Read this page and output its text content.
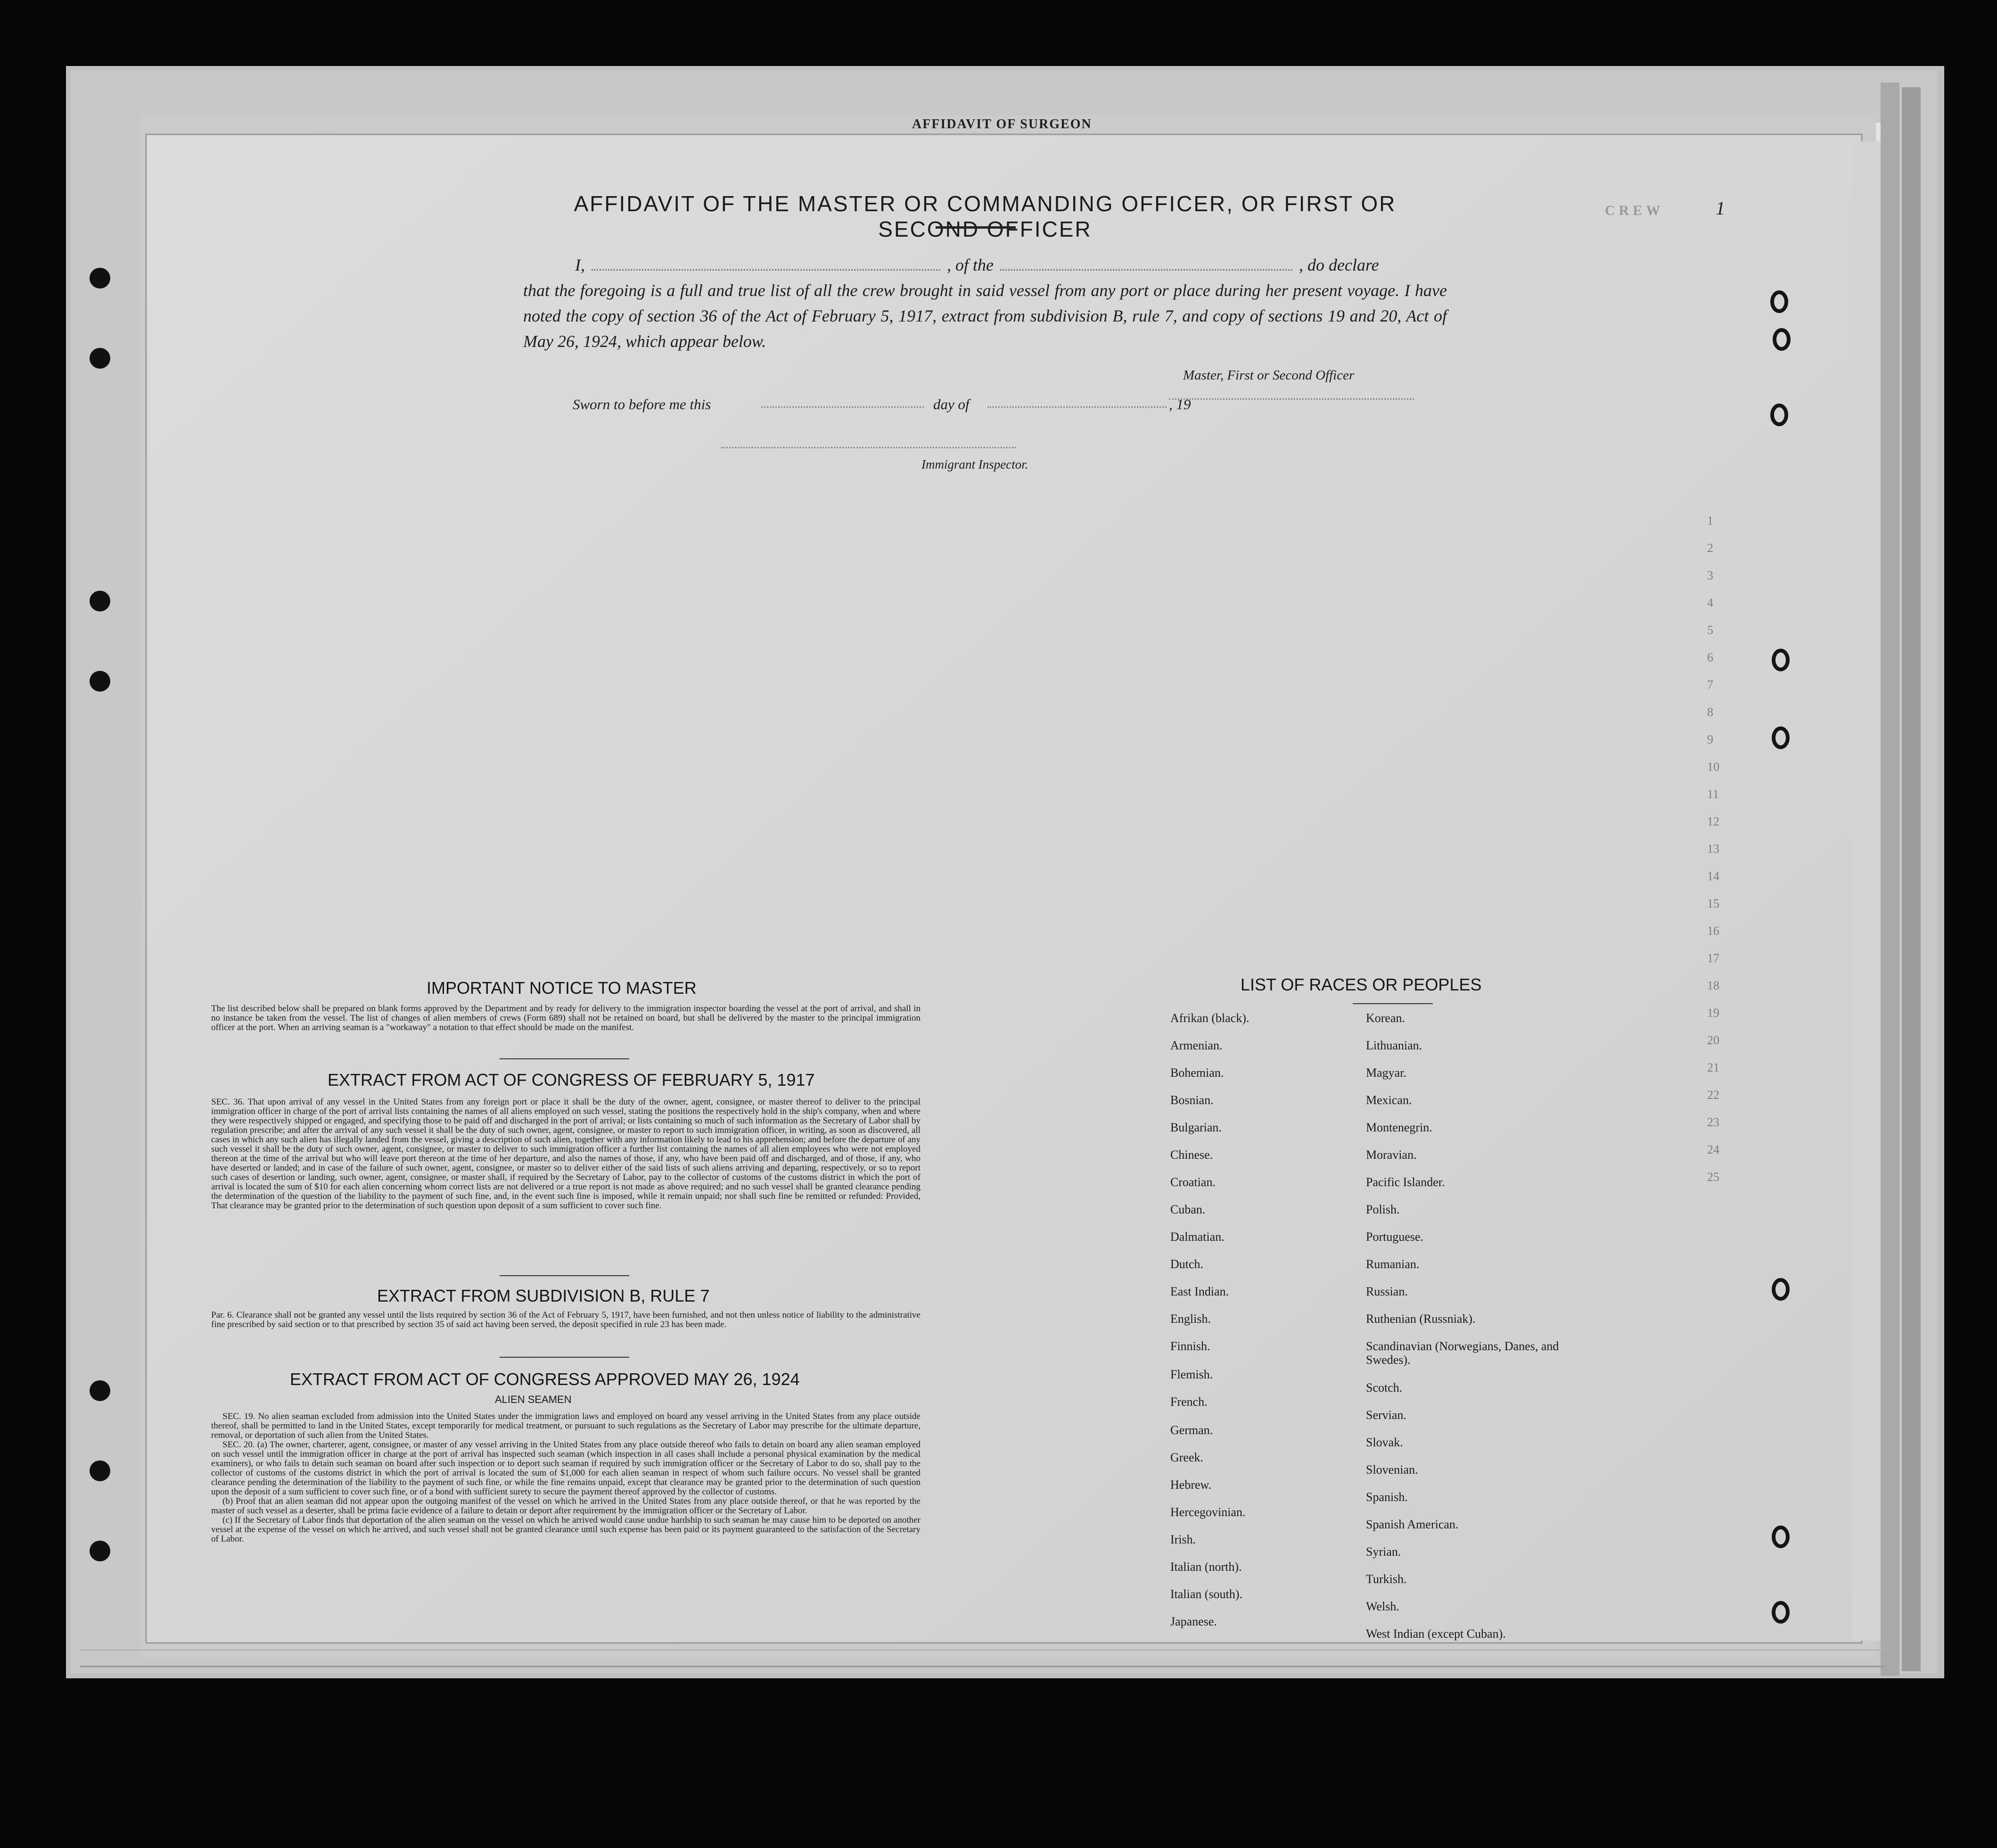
AFFIDAVIT OF SURGEON
CREW
1
2
3
4
5
6
7
8
9
10
11
12
13
14
15
16
17
18
19
20
21
22
23
24
25
AFFIDAVIT OF THE MASTER OR COMMANDING OFFICER, OR FIRST OR SECOND OFFICER
1
I,	, of the	, do declare
that the foregoing is a full and true list of all the crew brought in said vessel from any port or place during her present voyage. I have noted the copy of section 36 of the Act of February 5, 1917, extract from subdivision B, rule 7, and copy of sections 19 and 20, Act of May 26, 1924, which appear below.
Master, First or Second Officer
Sworn to before me this	day of	, 19
Immigrant Inspector.
IMPORTANT NOTICE TO MASTER
The list described below shall be prepared on blank forms approved by the Department and by ready for delivery to the immigration inspector boarding the vessel at the port of arrival, and shall in no instance be taken from the vessel. The list of changes of alien members of crews (Form 689) shall not be retained on board, but shall be delivered by the master to the principal immigration officer at the port. When an arriving seaman is a "workaway" a notation to that effect should be made on the manifest.
EXTRACT FROM ACT OF CONGRESS OF FEBRUARY 5, 1917
SEC. 36. That upon arrival of any vessel in the United States from any foreign port or place it shall be the duty of the owner, agent, consignee, or master thereof to deliver to the principal immigration officer in charge of the port of arrival lists containing the names of all aliens employed on such vessel, stating the positions the respectively hold in the ship's company, when and where they were respectively shipped or engaged, and specifying those to be paid off and discharged in the port of arrival; or lists containing so much of such information as the Secretary of Labor shall by regulation prescribe; and after the arrival of any such vessel it shall be the duty of such owner, agent, consignee, or master to report to such immigration officer, in writing, as soon as discovered, all cases in which any such alien has illegally landed from the vessel, giving a description of such alien, together with any information likely to lead to his apprehension; and before the departure of any such vessel it shall be the duty of such owner, agent, consignee, or master to deliver to such immigration officer a further list containing the names of all alien employees who were not employed thereon at the time of the arrival but who will leave port thereon at the time of her departure, and also the names of those, if any, who have been paid off and discharged, and of those, if any, who have deserted or landed; and in case of the failure of such owner, agent, consignee, or master so to deliver either of the said lists of such aliens arriving and departing, respectively, or so to report such cases of desertion or landing, such owner, agent, consignee, or master shall, if required by the Secretary of Labor, pay to the collector of customs of the customs district in which the port of arrival is located the sum of $10 for each alien concerning whom correct lists are not delivered or a true report is not made as above required; and no such vessel shall be granted clearance pending the determination of the question of the liability to the payment of such fine, and, in the event such fine is imposed, while it remain unpaid; nor shall such fine be remitted or refunded: Provided, That clearance may be granted prior to the determination of such question upon deposit of a sum sufficient to cover such fine.
EXTRACT FROM SUBDIVISION B, RULE 7
Par. 6. Clearance shall not be granted any vessel until the lists required by section 36 of the Act of February 5, 1917, have been furnished, and not then unless notice of liability to the administrative fine prescribed by said section or to that prescribed by section 35 of said act having been served, the deposit specified in rule 23 has been made.
EXTRACT FROM ACT OF CONGRESS APPROVED MAY 26, 1924
ALIEN SEAMEN
SEC. 19. No alien seaman excluded from admission into the United States under the immigration laws and employed on board any vessel arriving in the United States from any place outside thereof, shall be permitted to land in the United States, except temporarily for medical treatment, or pursuant to such regulations as the Secretary of Labor may prescribe for the ultimate departure, removal, or deportation of such alien from the United States.
SEC. 20. (a) The owner, charterer, agent, consignee, or master of any vessel arriving in the United States from any place outside thereof who fails to detain on board any alien seaman employed on such vessel until the immigration officer in charge at the port of arrival has inspected such seaman (which inspection in all cases shall include a personal physical examination by the medical examiners), or who fails to detain such seaman on board after such inspection or to deport such seaman if required by such immigration officer or the Secretary of Labor to do so, shall pay to the collector of customs of the customs district in which the port of arrival is located the sum of $1,000 for each alien seaman in respect of whom such failure occurs. No vessel shall be granted clearance pending the determination of the liability to the payment of such fine, or while the fine remains unpaid, except that clearance may be granted prior to the determination of such question upon the deposit of a sum sufficient to cover such fine, or of a bond with sufficient surety to secure the payment thereof approved by the collector of customs.
(b) Proof that an alien seaman did not appear upon the outgoing manifest of the vessel on which he arrived in the United States from any place outside thereof, or that he was reported by the master of such vessel as a deserter, shall be prima facie evidence of a failure to detain or deport after requirement by the immigration officer or the Secretary of Labor.
(c) If the Secretary of Labor finds that deportation of the alien seaman on the vessel on which he arrived would cause undue hardship to such seaman he may cause him to be deported on another vessel at the expense of the vessel on which he arrived, and such vessel shall not be granted clearance until such expense has been paid or its payment guaranteed to the satisfaction of the Secretary of Labor.
LIST OF RACES OR PEOPLES
Afrikan (black).
Armenian.
Bohemian.
Bosnian.
Bulgarian.
Chinese.
Croatian.
Cuban.
Dalmatian.
Dutch.
East Indian.
English.
Finnish.
Flemish.
French.
German.
Greek.
Hebrew.
Hercegovinian.
Irish.
Italian (north).
Italian (south).
Japanese.
Korean.
Lithuanian.
Magyar.
Mexican.
Montenegrin.
Moravian.
Pacific Islander.
Polish.
Portuguese.
Rumanian.
Russian.
Ruthenian (Russniak).
Scandinavian (Norwegians, Danes, and Swedes).
Scotch.
Servian.
Slovak.
Slovenian.
Spanish.
Spanish American.
Syrian.
Turkish.
Welsh.
West Indian (except Cuban).
